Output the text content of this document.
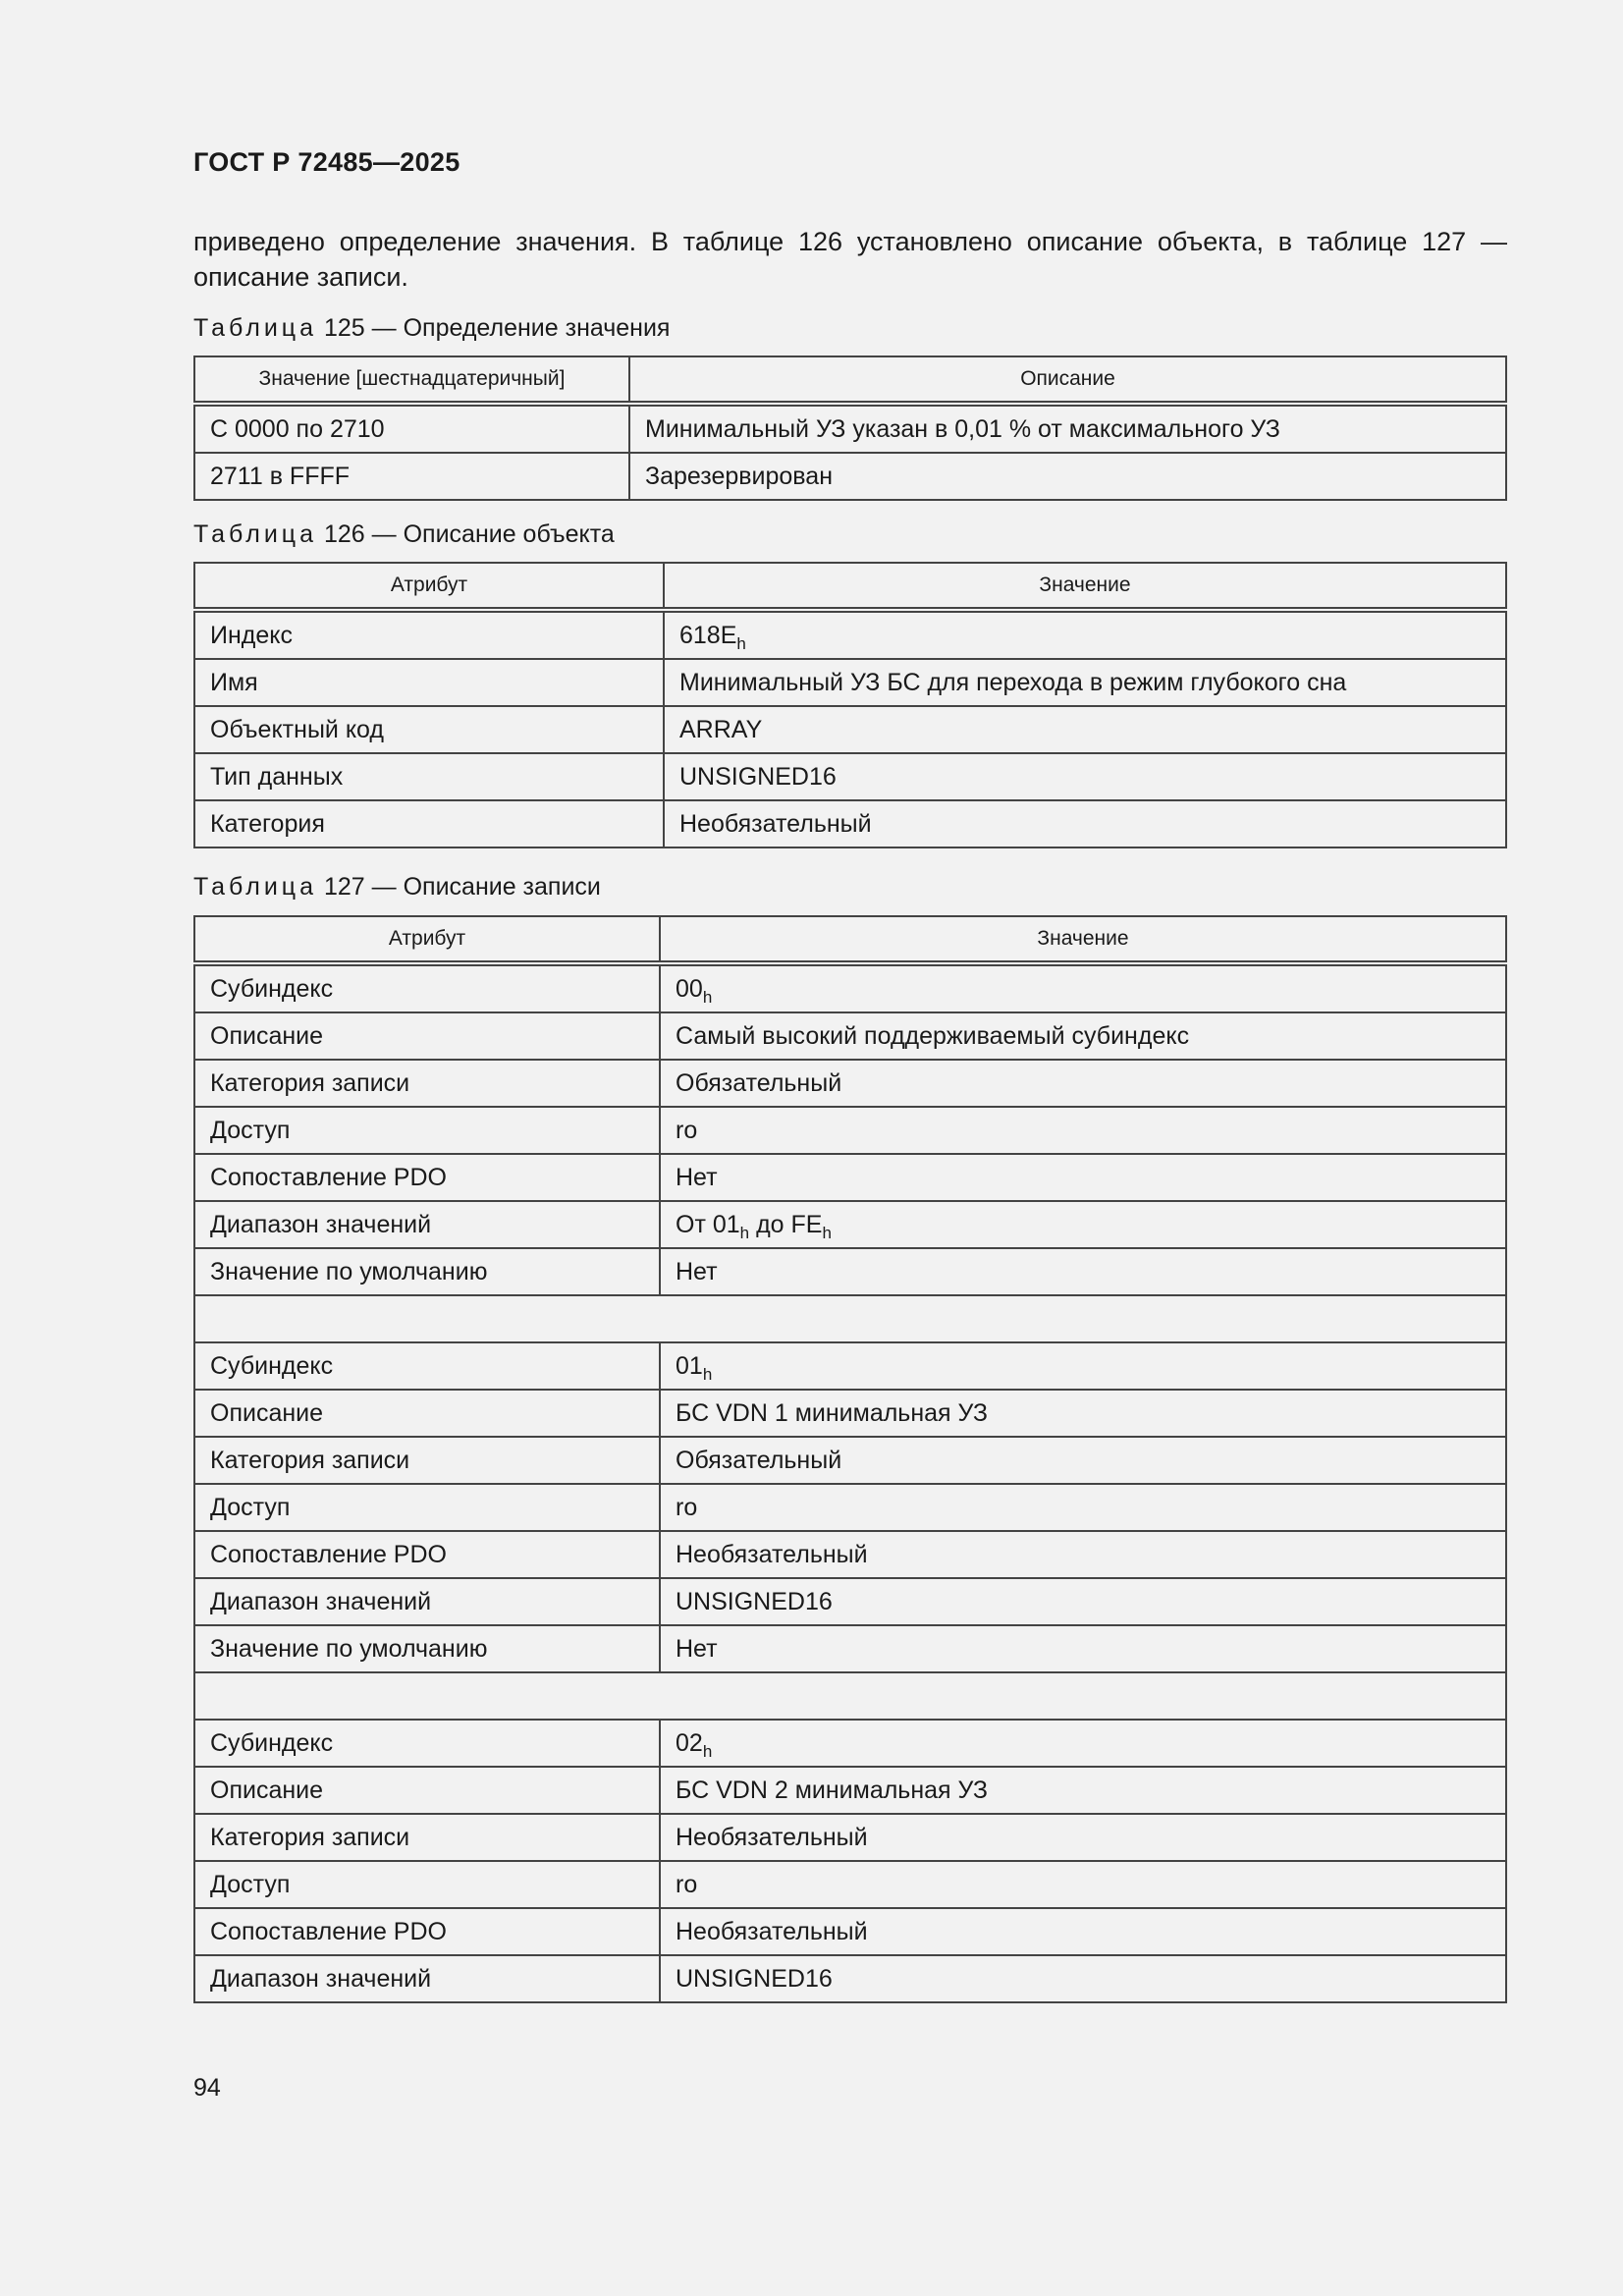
ГОСТ Р 72485—2025
приведено определение значения. В таблице 126 установлено описание объекта, в таблице 127 — описание записи.
Таблица 125 — Определение значения
Значение [шестнадцатеричный]	Описание
С 0000 по 2710	Минимальный УЗ указан в 0,01 % от максимального УЗ
2711 в FFFF	Зарезервирован
Таблица 126 — Описание объекта
Атрибут	Значение
Индекс	$618E_h$
Имя	Минимальный УЗ БС для перехода в режим глубокого сна
Объектный код	ARRAY
Тип данных	UNSIGNED16
Категория	Необязательный
Таблица 127 — Описание записи
Атрибут	Значение
Субиндекс	$00_h$
Описание	Самый высокий поддерживаемый субиндекс
Категория записи	Обязательный
Доступ	ro
Сопоставление PDO	Нет
Диапазон значений	От $01_h$ до $FE_h$
Значение по умолчанию	Нет

Субиндекс	$01_h$
Описание	БС VDN 1 минимальная УЗ
Категория записи	Обязательный
Доступ	ro
Сопоставление PDO	Необязательный
Диапазон значений	UNSIGNED16
Значение по умолчанию	Нет

Субиндекс	$02_h$
Описание	БС VDN 2 минимальная УЗ
Категория записи	Необязательный
Доступ	ro
Сопоставление PDO	Необязательный
Диапазон значений	UNSIGNED16
94
